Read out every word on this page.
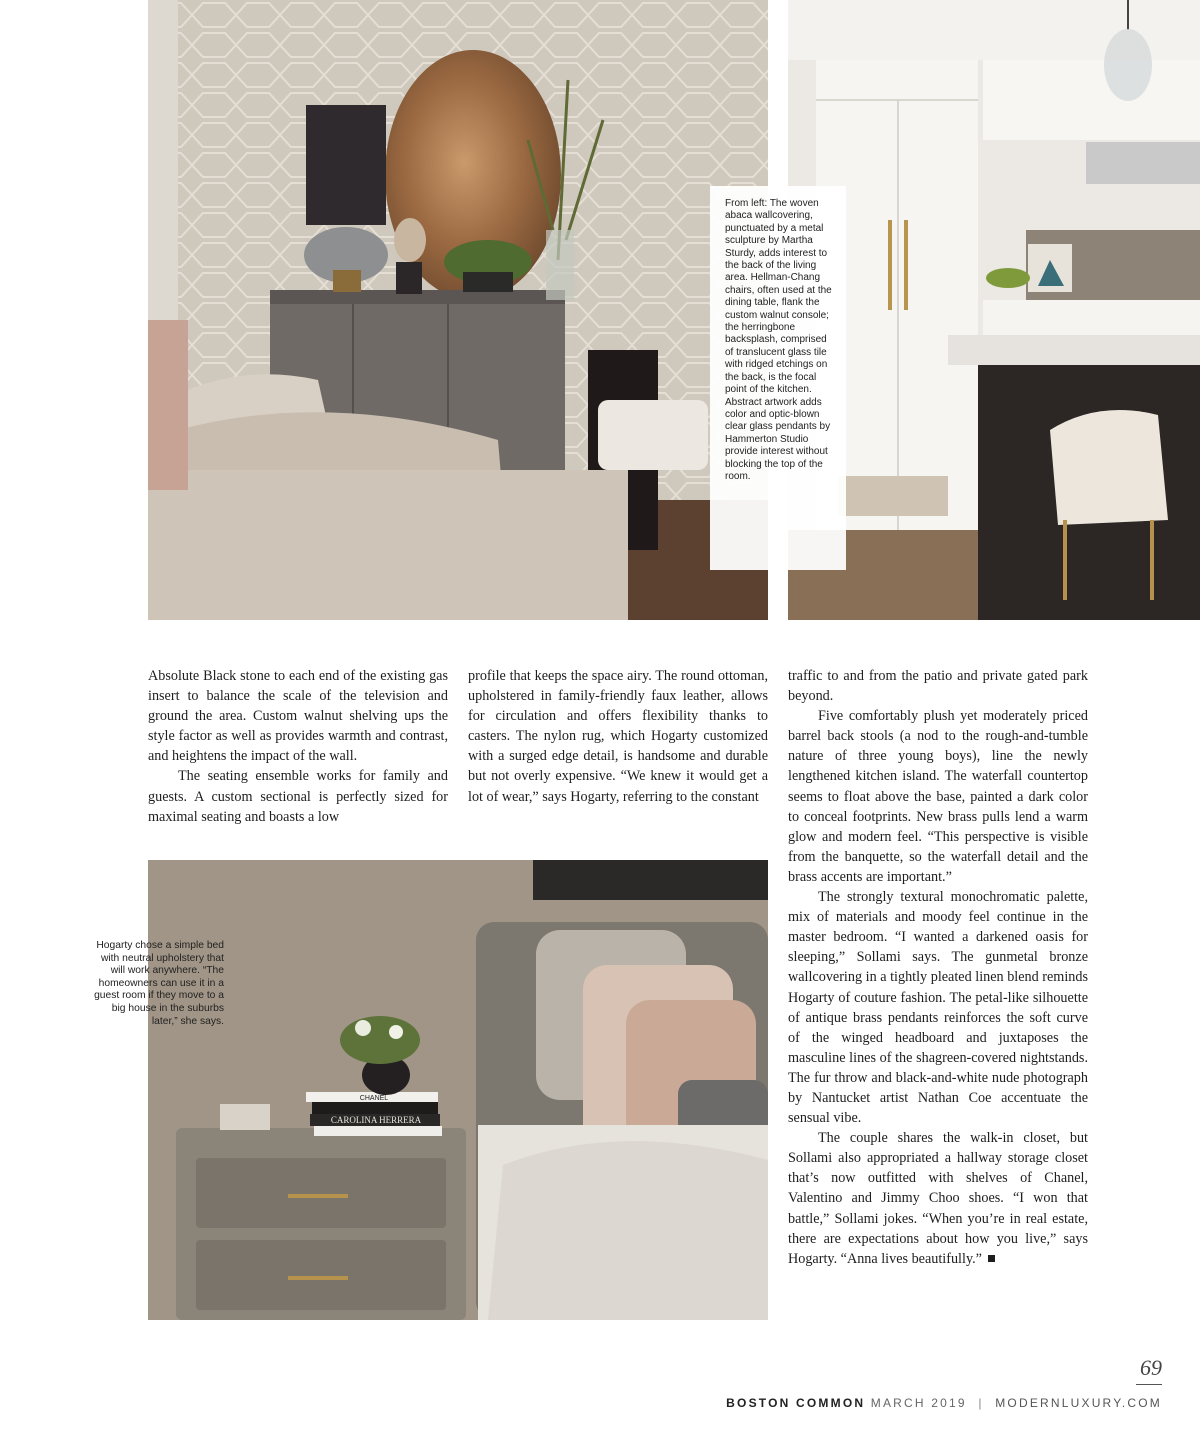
From left: The woven abaca wallcovering, punctuated by a metal sculpture by Martha Sturdy, adds interest to the back of the living area. Hellman-Chang chairs, often used at the dining table, flank the custom walnut console; the herringbone backsplash, comprised of translucent glass tile with ridged etchings on the back, is the focal point of the kitchen. Abstract artwork adds color and optic-blown clear glass pendants by Hammerton Studio provide interest without blocking the top of the room.
CHANEL
CAROLINA HERRERA
Hogarty chose a simple bed with neutral upholstery that will work anywhere. “The homeowners can use it in a guest room if they move to a big house in the suburbs later,” she says.

Absolute Black stone to each end of the existing gas insert to balance the scale of the television and ground the area. Custom walnut shelving ups the style factor as well as provides warmth and contrast, and heightens the impact of the wall.

The seating ensemble works for family and guests. A custom sectional is perfectly sized for maximal seating and boasts a low

profile that keeps the space airy. The round ottoman, upholstered in family-friendly faux leather, allows for circulation and offers flexibility thanks to casters. The nylon rug, which Hogarty customized with a surged edge detail, is handsome and durable but not overly expensive. “We knew it would get a lot of wear,” says Hogarty, referring to the constant

traffic to and from the patio and private gated park beyond.

Five comfortably plush yet moderately priced barrel back stools (a nod to the rough-and-tumble nature of three young boys), line the newly lengthened kitchen island. The waterfall countertop seems to float above the base, painted a dark color to conceal footprints. New brass pulls lend a warm glow and modern feel. “This perspective is visible from the banquette, so the waterfall detail and the brass accents are important.”

The strongly textural monochromatic palette, mix of materials and moody feel continue in the master bedroom. “I wanted a darkened oasis for sleeping,” Sollami says. The gunmetal bronze wallcovering in a tightly pleated linen blend reminds Hogarty of couture fashion. The petal-like silhouette of antique brass pendants reinforces the soft curve of the winged headboard and juxtaposes the masculine lines of the shagreen-covered nightstands. The fur throw and black-and-white nude photograph by Nantucket artist Nathan Coe accentuate the sensual vibe.

The couple shares the walk-in closet, but Sollami also appropriated a hallway storage closet that’s now outfitted with shelves of Chanel, Valentino and Jimmy Choo shoes. “I won that battle,” Sollami jokes. “When you’re in real estate, there are expectations about how you live,” says Hogarty. “Anna lives beautifully.”

69
BOSTON COMMON MARCH 2019 | MODERNLUXURY.COM
